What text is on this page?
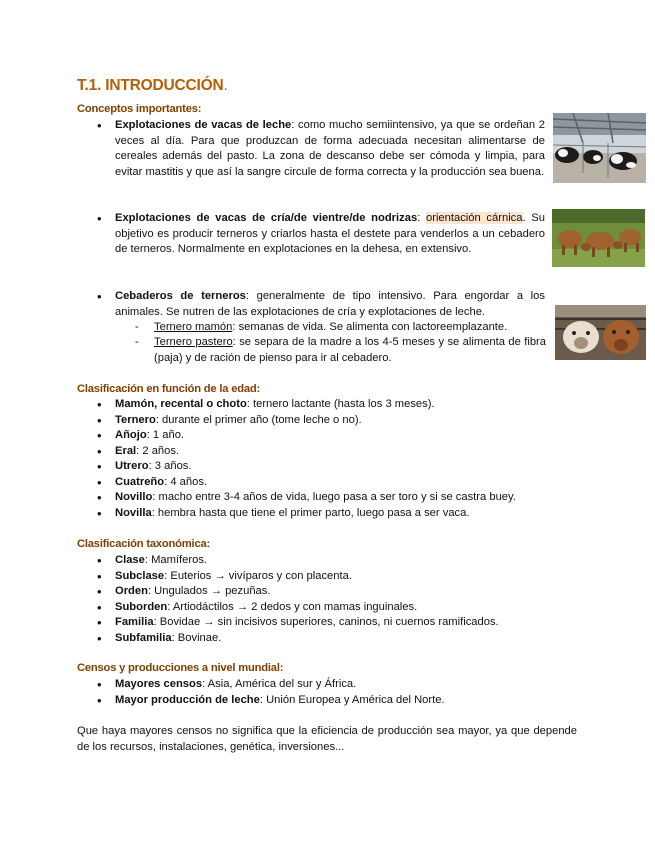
T.1. INTRODUCCIÓN.
Conceptos importantes:
•
Explotaciones de vacas de leche: como mucho semiintensivo, ya que se ordeñan 2 veces al día. Para que produzcan de forma adecuada necesitan alimentarse de cereales además del pasto. La zona de descanso debe ser cómoda y limpia, para evitar mastitis y que así la sangre circule de forma correcta y la producción sea buena.
•
Explotaciones de vacas de cría/de vientre/de nodrizas: orientación cárnica. Su objetivo es producir terneros y criarlos hasta el destete para venderlos a un cebadero de terneros. Normalmente en explotaciones en la dehesa, en extensivo.
•
Cebaderos de terneros: generalmente de tipo intensivo. Para engordar a los animales. Se nutren de las explotaciones de cría y explotaciones de leche.
- Ternero mamón: semanas de vida. Se alimenta con lactoreemplazante.
- Ternero pastero: se separa de la madre a los 4-5 meses y se alimenta de fibra (paja) y de ración de pienso para ir al cebadero.
Clasificación en función de la edad:
• Mamón, recental o choto: ternero lactante (hasta los 3 meses).
• Ternero: durante el primer año (tome leche o no).
• Añojo: 1 año.
• Eral: 2 años.
• Utrero: 3 años.
• Cuatreño: 4 años.
• Novillo: macho entre 3-4 años de vida, luego pasa a ser toro y si se castra buey.
• Novilla: hembra hasta que tiene el primer parto, luego pasa a ser vaca.
Clasificación taxonómica:
• Clase: Mamíferos.
• Subclase: Euterios → vivíparos y con placenta.
• Orden: Ungulados → pezuñas.
• Suborden: Artiodáctilos → 2 dedos y con mamas inguinales.
• Familia: Bovidae → sin incisivos superiores, caninos, ni cuernos ramificados.
• Subfamilia: Bovinae.
Censos y producciones a nivel mundial:
• Mayores censos: Asia, América del sur y África.
• Mayor producción de leche: Unión Europea y América del Norte.
Que haya mayores censos no significa que la eficiencia de producción sea mayor, ya que depende de los recursos, instalaciones, genética, inversiones...
